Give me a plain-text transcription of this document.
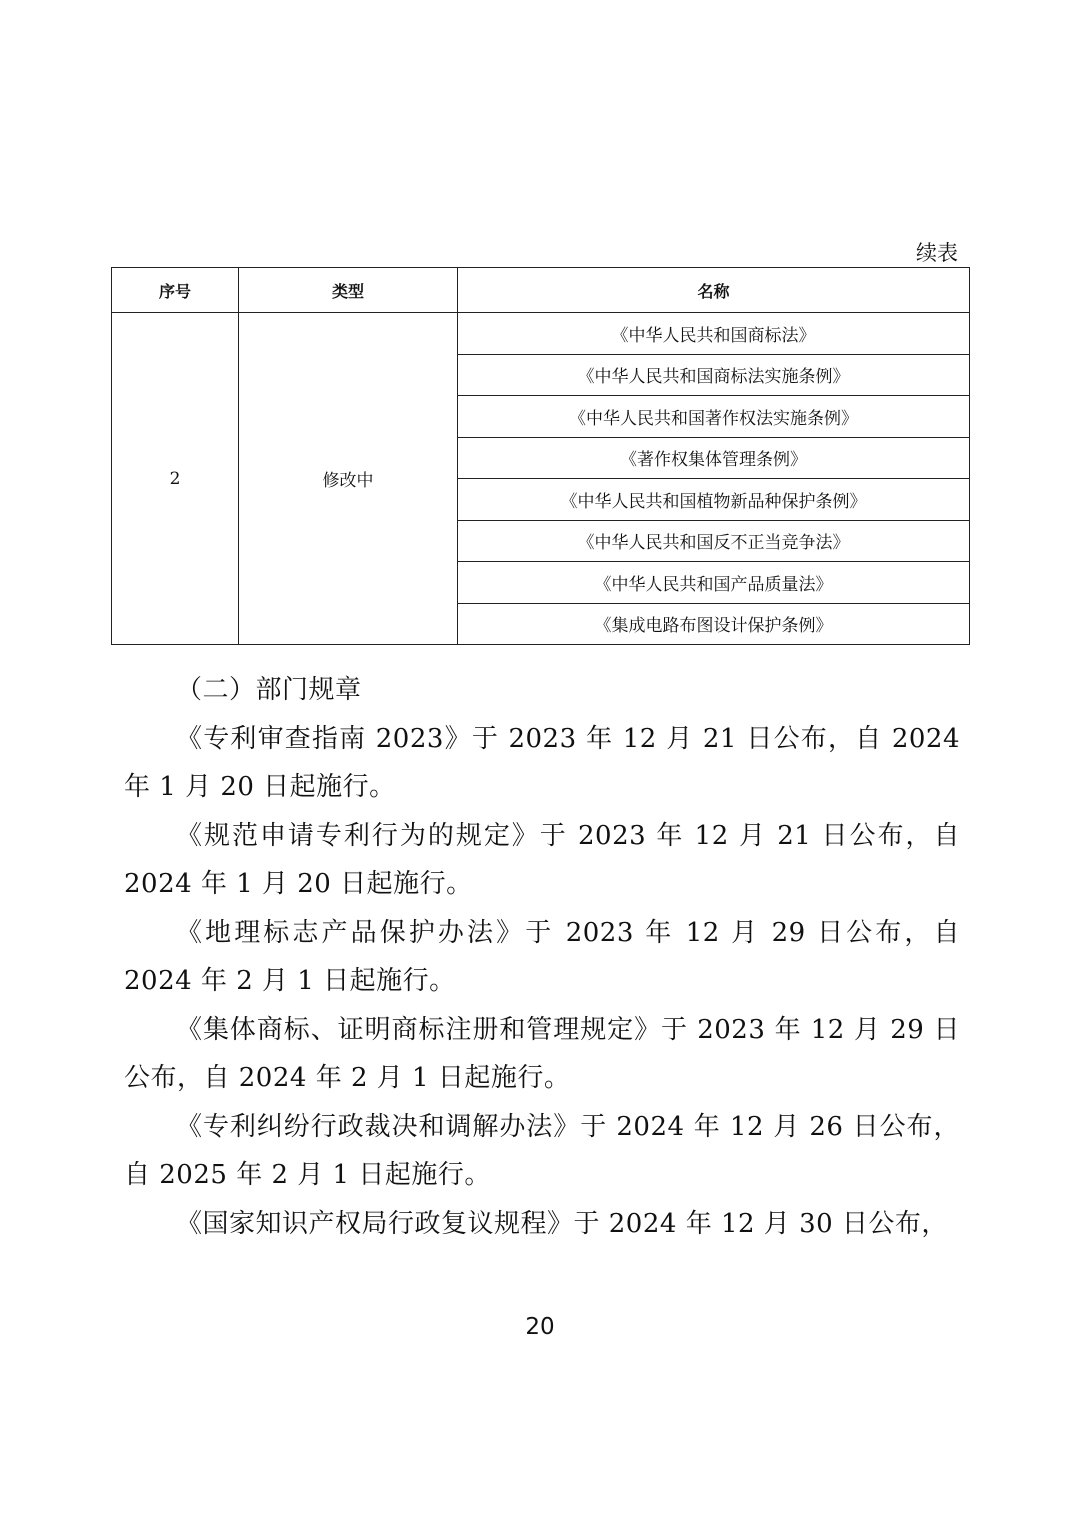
续表
序号	类型	名称
2	修改中	《中华人民共和国商标法》
		《中华人民共和国商标法实施条例》
		《中华人民共和国著作权法实施条例》
		《著作权集体管理条例》
		《中华人民共和国植物新品种保护条例》
		《中华人民共和国反不正当竞争法》
		《中华人民共和国产品质量法》
		《集成电路布图设计保护条例》

（二）部门规章

《专利审查指南 2023》于 2023 年 12 月 21 日公布，自 2024 年 1 月 20 日起施行。

《规范申请专利行为的规定》于 2023 年 12 月 21 日公布，自 2024 年 1 月 20 日起施行。

《地理标志产品保护办法》于 2023 年 12 月 29 日公布，自 2024 年 2 月 1 日起施行。

《集体商标、证明商标注册和管理规定》于 2023 年 12 月 29 日公布，自 2024 年 2 月 1 日起施行。

《专利纠纷行政裁决和调解办法》于 2024 年 12 月 26 日公布，自 2025 年 2 月 1 日起施行。

《国家知识产权局行政复议规程》于 2024 年 12 月 30 日公布，

20
